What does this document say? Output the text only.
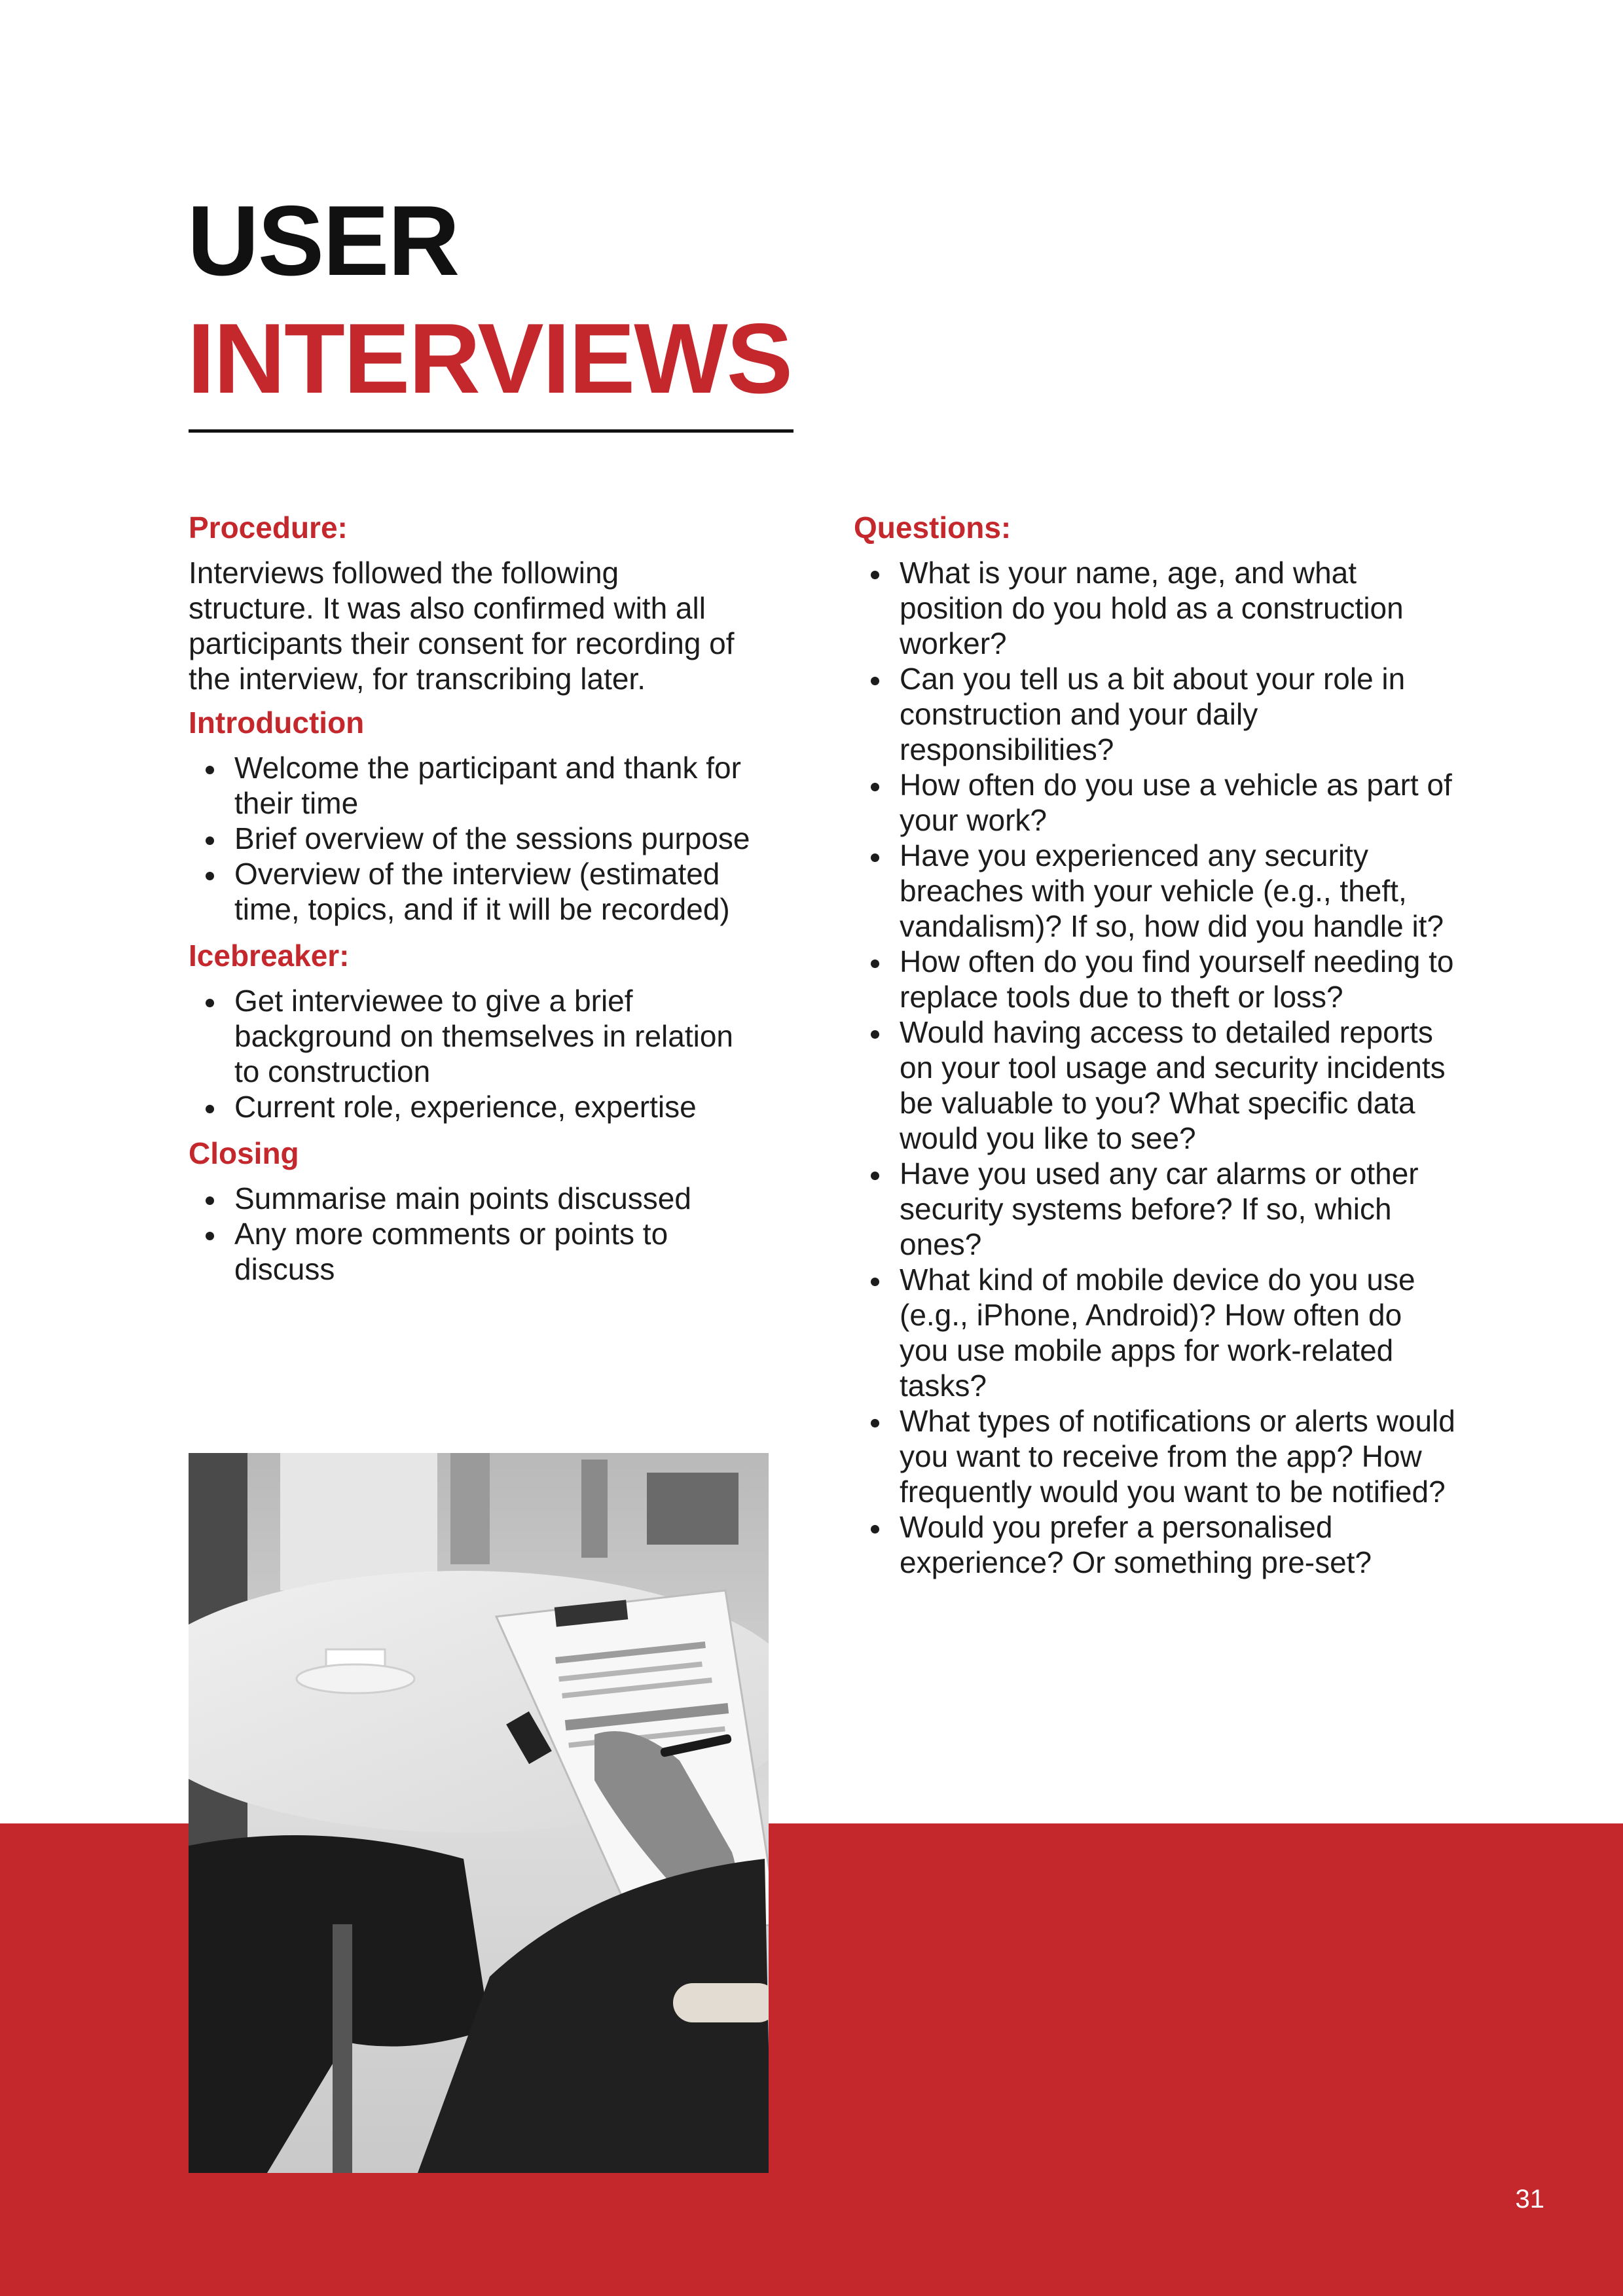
USER
INTERVIEWS
Procedure:

Interviews followed the following structure. It was also confirmed with all participants their consent for recording of the interview, for transcribing later.

Introduction
Welcome the participant and thank for their time
Brief overview of the sessions purpose
Overview of the interview (estimated time, topics, and if it will be recorded)
Icebreaker:
Get interviewee to give a brief background on themselves in relation to construction
Current role, experience, expertise
Closing
Summarise main points discussed
Any more comments or points to discuss
Questions:
What is your name, age, and what position do you hold as a construction worker?
Can you tell us a bit about your role in construction and your daily responsibilities?
How often do you use a vehicle as part of your work?
Have you experienced any security breaches with your vehicle (e.g., theft, vandalism)? If so, how did you handle it?
How often do you find yourself needing to replace tools due to theft or loss?
Would having access to detailed reports on your tool usage and security incidents be valuable to you? What specific data would you like to see?
Have you used any car alarms or other security systems before? If so, which ones?
What kind of mobile device do you use (e.g., iPhone, Android)? How often do you use mobile apps for work-related tasks?
What types of notifications or alerts would you want to receive from the app? How frequently would you want to be notified?
Would you prefer a personalised experience? Or something pre-set?
31
